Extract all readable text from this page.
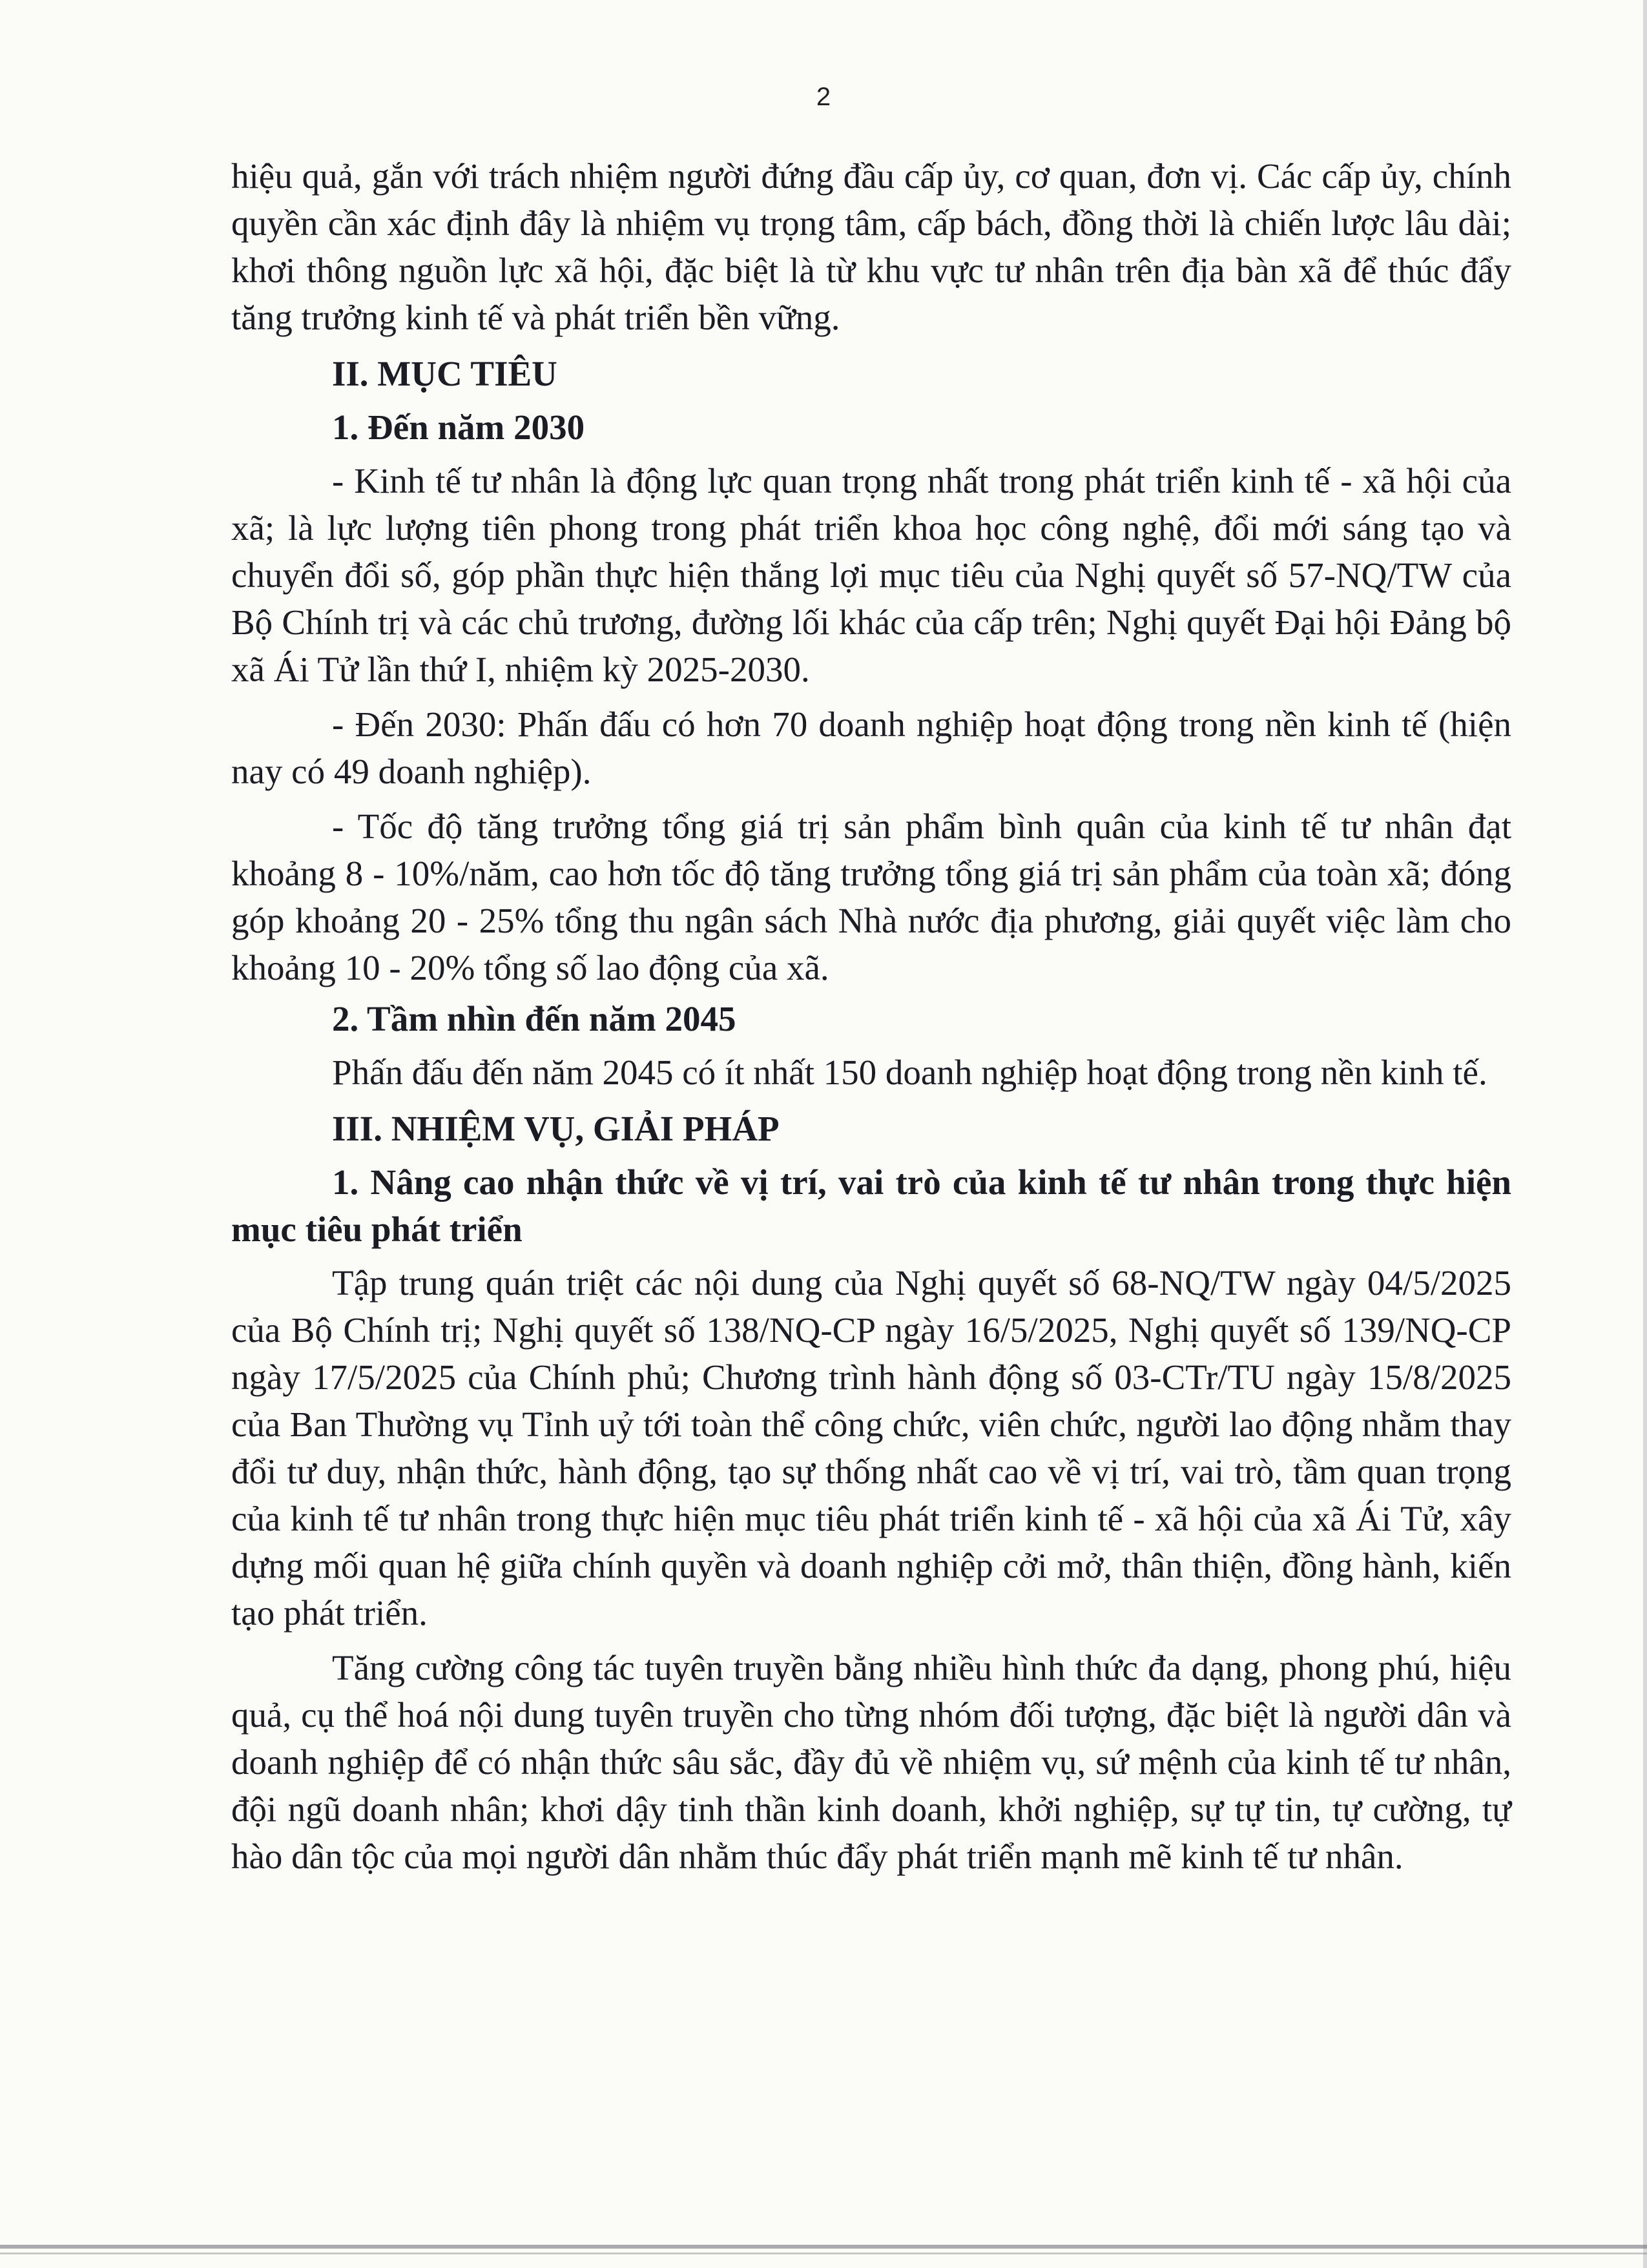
2

hiệu quả, gắn với trách nhiệm người đứng đầu cấp ủy, cơ quan, đơn vị. Các cấp ủy, chính quyền cần xác định đây là nhiệm vụ trọng tâm, cấp bách, đồng thời là chiến lược lâu dài; khơi thông nguồn lực xã hội, đặc biệt là từ khu vực tư nhân trên địa bàn xã để thúc đẩy tăng trưởng kinh tế và phát triển bền vững.

II. MỤC TIÊU

1. Đến năm 2030

- Kinh tế tư nhân là động lực quan trọng nhất trong phát triển kinh tế - xã hội của xã; là lực lượng tiên phong trong phát triển khoa học công nghệ, đổi mới sáng tạo và chuyển đổi số, góp phần thực hiện thắng lợi mục tiêu của Nghị quyết số 57-NQ/TW của Bộ Chính trị và các chủ trương, đường lối khác của cấp trên; Nghị quyết Đại hội Đảng bộ xã Ái Tử lần thứ I, nhiệm kỳ 2025-2030.

- Đến 2030: Phấn đấu có hơn 70 doanh nghiệp hoạt động trong nền kinh tế (hiện nay có 49 doanh nghiệp).

- Tốc độ tăng trưởng tổng giá trị sản phẩm bình quân của kinh tế tư nhân đạt khoảng 8 - 10%/năm, cao hơn tốc độ tăng trưởng tổng giá trị sản phẩm của toàn xã; đóng góp khoảng 20 - 25% tổng thu ngân sách Nhà nước địa phương, giải quyết việc làm cho khoảng 10 - 20% tổng số lao động của xã.

2. Tầm nhìn đến năm 2045

Phấn đấu đến năm 2045 có ít nhất 150 doanh nghiệp hoạt động trong nền kinh tế.

III. NHIỆM VỤ, GIẢI PHÁP

1. Nâng cao nhận thức về vị trí, vai trò của kinh tế tư nhân trong thực hiện mục tiêu phát triển

Tập trung quán triệt các nội dung của Nghị quyết số 68-NQ/TW ngày 04/5/2025 của Bộ Chính trị; Nghị quyết số 138/NQ-CP ngày 16/5/2025, Nghị quyết số 139/NQ-CP ngày 17/5/2025 của Chính phủ; Chương trình hành động số 03-CTr/TU ngày 15/8/2025 của Ban Thường vụ Tỉnh uỷ tới toàn thể công chức, viên chức, người lao động nhằm thay đổi tư duy, nhận thức, hành động, tạo sự thống nhất cao về vị trí, vai trò, tầm quan trọng của kinh tế tư nhân trong thực hiện mục tiêu phát triển kinh tế - xã hội của xã Ái Tử, xây dựng mối quan hệ giữa chính quyền và doanh nghiệp cởi mở, thân thiện, đồng hành, kiến tạo phát triển.

Tăng cường công tác tuyên truyền bằng nhiều hình thức đa dạng, phong phú, hiệu quả, cụ thể hoá nội dung tuyên truyền cho từng nhóm đối tượng, đặc biệt là người dân và doanh nghiệp để có nhận thức sâu sắc, đầy đủ về nhiệm vụ, sứ mệnh của kinh tế tư nhân, đội ngũ doanh nhân; khơi dậy tinh thần kinh doanh, khởi nghiệp, sự tự tin, tự cường, tự hào dân tộc của mọi người dân nhằm thúc đẩy phát triển mạnh mẽ kinh tế tư nhân.
